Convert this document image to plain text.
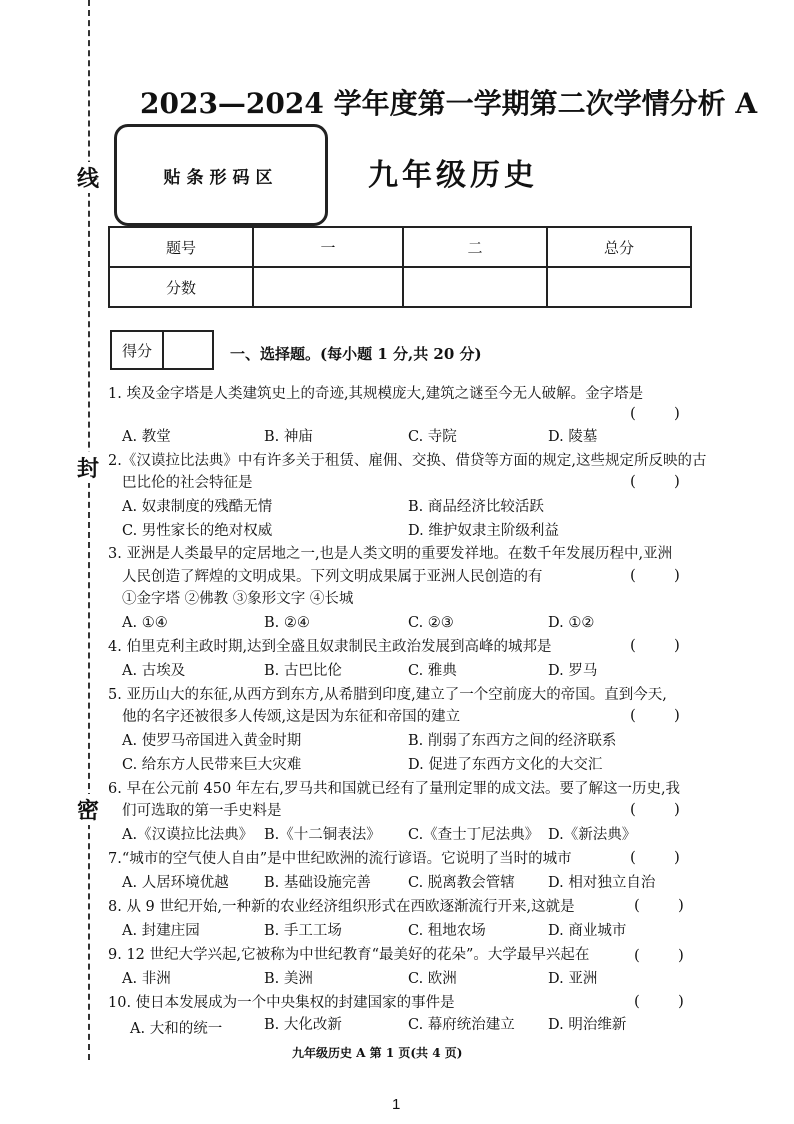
线
封
密
2023—2024 学年度第一学期第二次学情分析 A
贴条形码区	九年级历史
题号	一	二	总分
分数			
得分	一、选择题。(每小题 1 分,共 20 分)
1. 埃及金字塔是人类建筑史上的奇迹,其规模庞大,建筑之谜至今无人破解。金字塔是
(        )
A. 教堂	B. 神庙	C. 寺院	D. 陵墓
2.《汉谟拉比法典》中有许多关于租赁、雇佣、交换、借贷等方面的规定,这些规定所反映的古
巴比伦的社会特征是	(        )
A. 奴隶制度的残酷无情	B. 商品经济比较活跃
C. 男性家长的绝对权威	D. 维护奴隶主阶级利益
3. 亚洲是人类最早的定居地之一,也是人类文明的重要发祥地。在数千年发展历程中,亚洲
人民创造了辉煌的文明成果。下列文明成果属于亚洲人民创造的有	(        )
①金字塔 ②佛教 ③象形文字 ④长城
A. ①④	B. ②④	C. ②③	D. ①②
4. 伯里克利主政时期,达到全盛且奴隶制民主政治发展到高峰的城邦是	(        )
A. 古埃及	B. 古巴比伦	C. 雅典	D. 罗马
5. 亚历山大的东征,从西方到东方,从希腊到印度,建立了一个空前庞大的帝国。直到今天,
他的名字还被很多人传颂,这是因为东征和帝国的建立	(        )
A. 使罗马帝国进入黄金时期	B. 削弱了东西方之间的经济联系
C. 给东方人民带来巨大灾难	D. 促进了东西方文化的大交汇
6. 早在公元前 450 年左右,罗马共和国就已经有了量刑定罪的成文法。要了解这一历史,我
们可选取的第一手史料是	(        )
A.《汉谟拉比法典》 B.《十二铜表法》 C.《查士丁尼法典》 D.《新法典》
7.“城市的空气使人自由”是中世纪欧洲的流行谚语。它说明了当时的城市	(        )
A. 人居环境优越 B. 基础设施完善	C. 脱离教会管辖 D. 相对独立自治
8. 从 9 世纪开始,一种新的农业经济组织形式在西欧逐渐流行开来,这就是	(        )
A. 封建庄园	B. 手工工场	C. 租地农场	D. 商业城市
9. 12 世纪大学兴起,它被称为中世纪教育“最美好的花朵”。大学最早兴起在	(        )
A. 非洲	B. 美洲	C. 欧洲	D. 亚洲
10. 使日本发展成为一个中央集权的封建国家的事件是	(        )
A. 大和的统一	B. 大化改新	C. 幕府统治建立 D. 明治维新
九年级历史 A 第 1 页(共 4 页)
1
